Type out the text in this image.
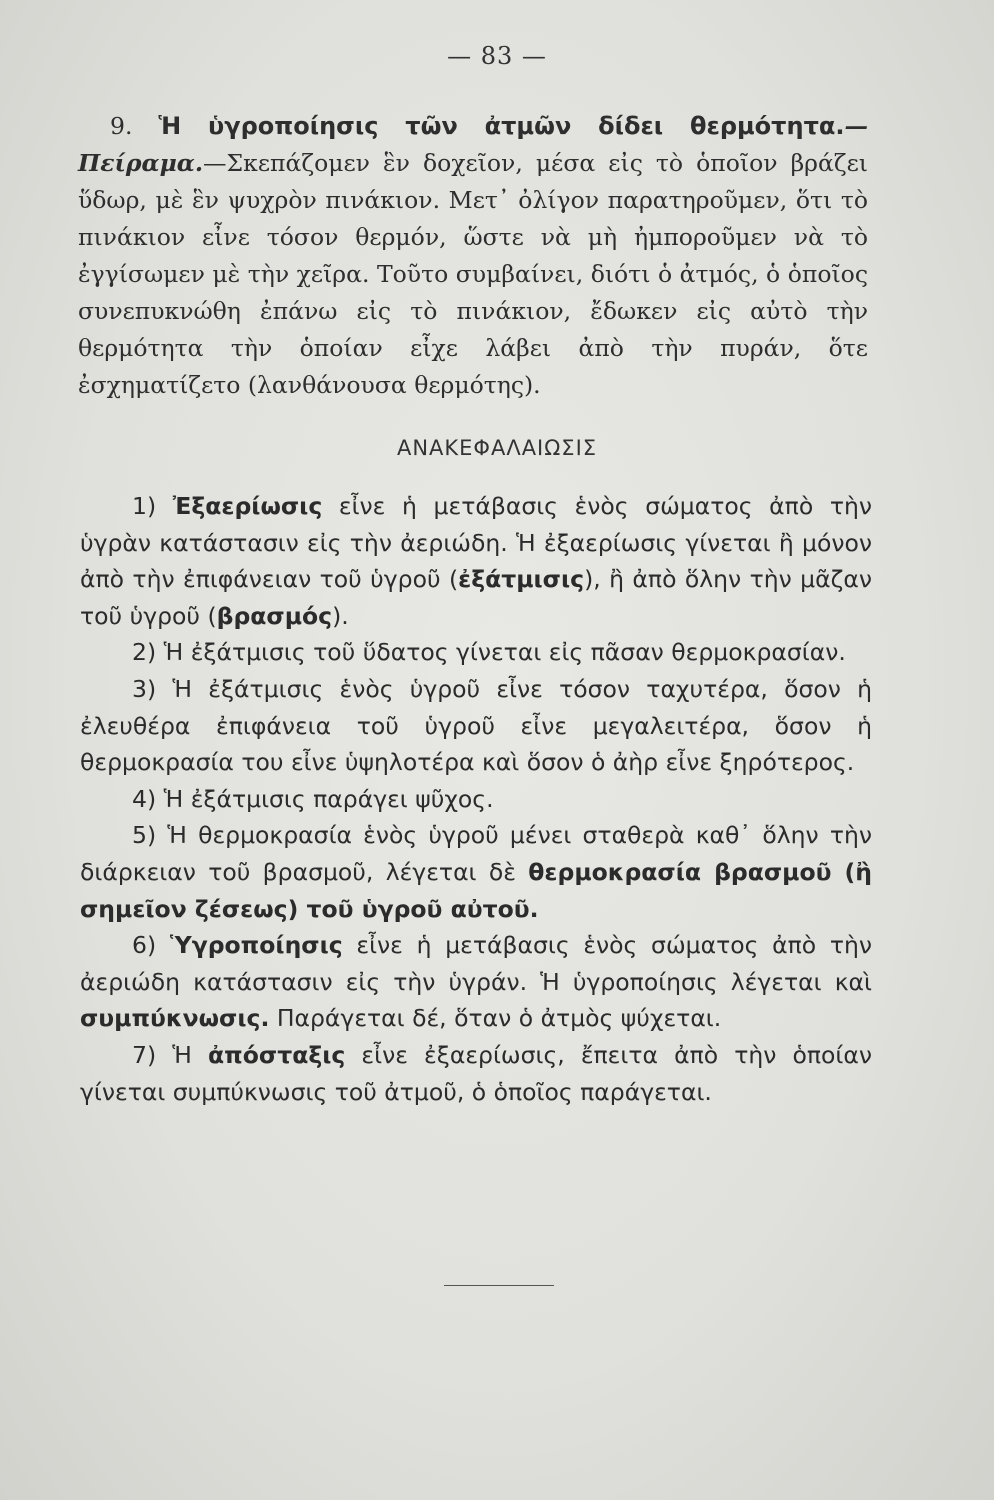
— 83 —
9. Ἡ ὑγροποίησις τῶν ἀτμῶν δίδει θερμότητα.—Πείραμα.—Σκεπάζομεν ἓν δοχεῖον, μέσα εἰς τὸ ὁποῖον βράζει ὕδωρ, μὲ ἓν ψυχρὸν πινάκιον. Μετ᾽ ὀλίγον παρατηροῦμεν, ὅτι τὸ πινάκιον εἶνε τόσον θερμόν, ὥστε νὰ μὴ ἠμποροῦμεν νὰ τὸ ἐγγίσωμεν μὲ τὴν χεῖρα. Τοῦτο συμβαίνει, διότι ὁ ἀτμός, ὁ ὁποῖος συνεπυκνώθη ἐπάνω εἰς τὸ πινάκιον, ἔδωκεν εἰς αὐτὸ τὴν θερμότητα τὴν ὁποίαν εἶχε λάβει ἀπὸ τὴν πυράν, ὅτε ἐσχηματίζετο (λανθάνουσα θερμότης).
ΑΝΑΚΕΦΑΛΑΙΩΣΙΣ

1) Ἐξαερίωσις εἶνε ἡ μετάβασις ἑνὸς σώματος ἀπὸ τὴν ὑγρὰν κατάστασιν εἰς τὴν ἀεριώδη. Ἡ ἐξαερίωσις γίνεται ἢ μόνον ἀπὸ τὴν ἐπιφάνειαν τοῦ ὑγροῦ (ἐξάτμισις), ἢ ἀπὸ ὅλην τὴν μᾶζαν τοῦ ὑγροῦ (βρασμός).

2) Ἡ ἐξάτμισις τοῦ ὕδατος γίνεται εἰς πᾶσαν θερμοκρασίαν.

3) Ἡ ἐξάτμισις ἑνὸς ὑγροῦ εἶνε τόσον ταχυτέρα, ὅσον ἡ ἐλευθέρα ἐπιφάνεια τοῦ ὑγροῦ εἶνε μεγαλειτέρα, ὅσον ἡ θερμοκρασία του εἶνε ὑψηλοτέρα καὶ ὅσον ὁ ἀὴρ εἶνε ξηρότερος.

4) Ἡ ἐξάτμισις παράγει ψῦχος.

5) Ἡ θερμοκρασία ἑνὸς ὑγροῦ μένει σταθερὰ καθ᾽ ὅλην τὴν διάρκειαν τοῦ βρασμοῦ, λέγεται δὲ θερμοκρασία βρασμοῦ (ἢ σημεῖον ζέσεως) τοῦ ὑγροῦ αὐτοῦ.

6) Ὑγροποίησις εἶνε ἡ μετάβασις ἑνὸς σώματος ἀπὸ τὴν ἀεριώδη κατάστασιν εἰς τὴν ὑγράν. Ἡ ὑγροποίησις λέγεται καὶ συμπύκνωσις. Παράγεται δέ, ὅταν ὁ ἀτμὸς ψύχεται.

7) Ἡ ἀπόσταξις εἶνε ἐξαερίωσις, ἔπειτα ἀπὸ τὴν ὁποίαν γίνεται συμπύκνωσις τοῦ ἀτμοῦ, ὁ ὁποῖος παράγεται.
